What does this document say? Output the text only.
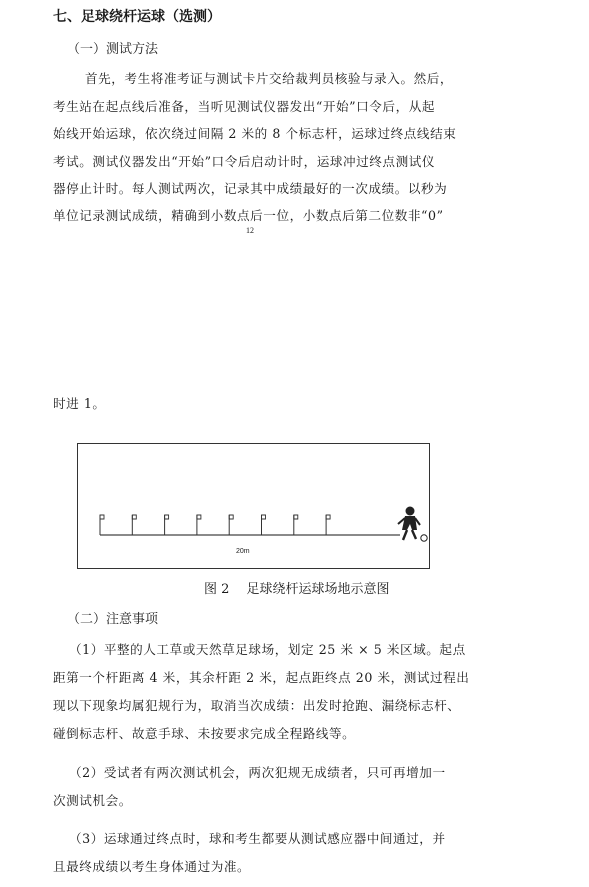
七、足球绕杆运球（选测）
（一）测试方法
首先，考生将准考证与测试卡片交给裁判员核验与录入。然后，
考生站在起点线后准备，当听见测试仪器发出“开始”口令后，从起
始线开始运球，依次绕过间隔 2 米的 8 个标志杆，运球过终点线结束
考试。测试仪器发出“开始”口令后启动计时，运球冲过终点测试仪
器停止计时。每人测试两次，记录其中成绩最好的一次成绩。以秒为
单位记录测试成绩，精确到小数点后一位，小数点后第二位数非“0”
12
时进 1。
20m
图 2　 足球绕杆运球场地示意图
（二）注意事项
（1）平整的人工草或天然草足球场，划定 25 米 × 5 米区域。起点
距第一个杆距离 4 米，其余杆距 2 米，起点距终点 20 米，测试过程出
现以下现象均属犯规行为，取消当次成绩：出发时抢跑、漏绕标志杆、
碰倒标志杆、故意手球、未按要求完成全程路线等。
（2）受试者有两次测试机会，两次犯规无成绩者，只可再增加一
次测试机会。
（3）运球通过终点时，球和考生都要从测试感应器中间通过，并
且最终成绩以考生身体通过为准。
